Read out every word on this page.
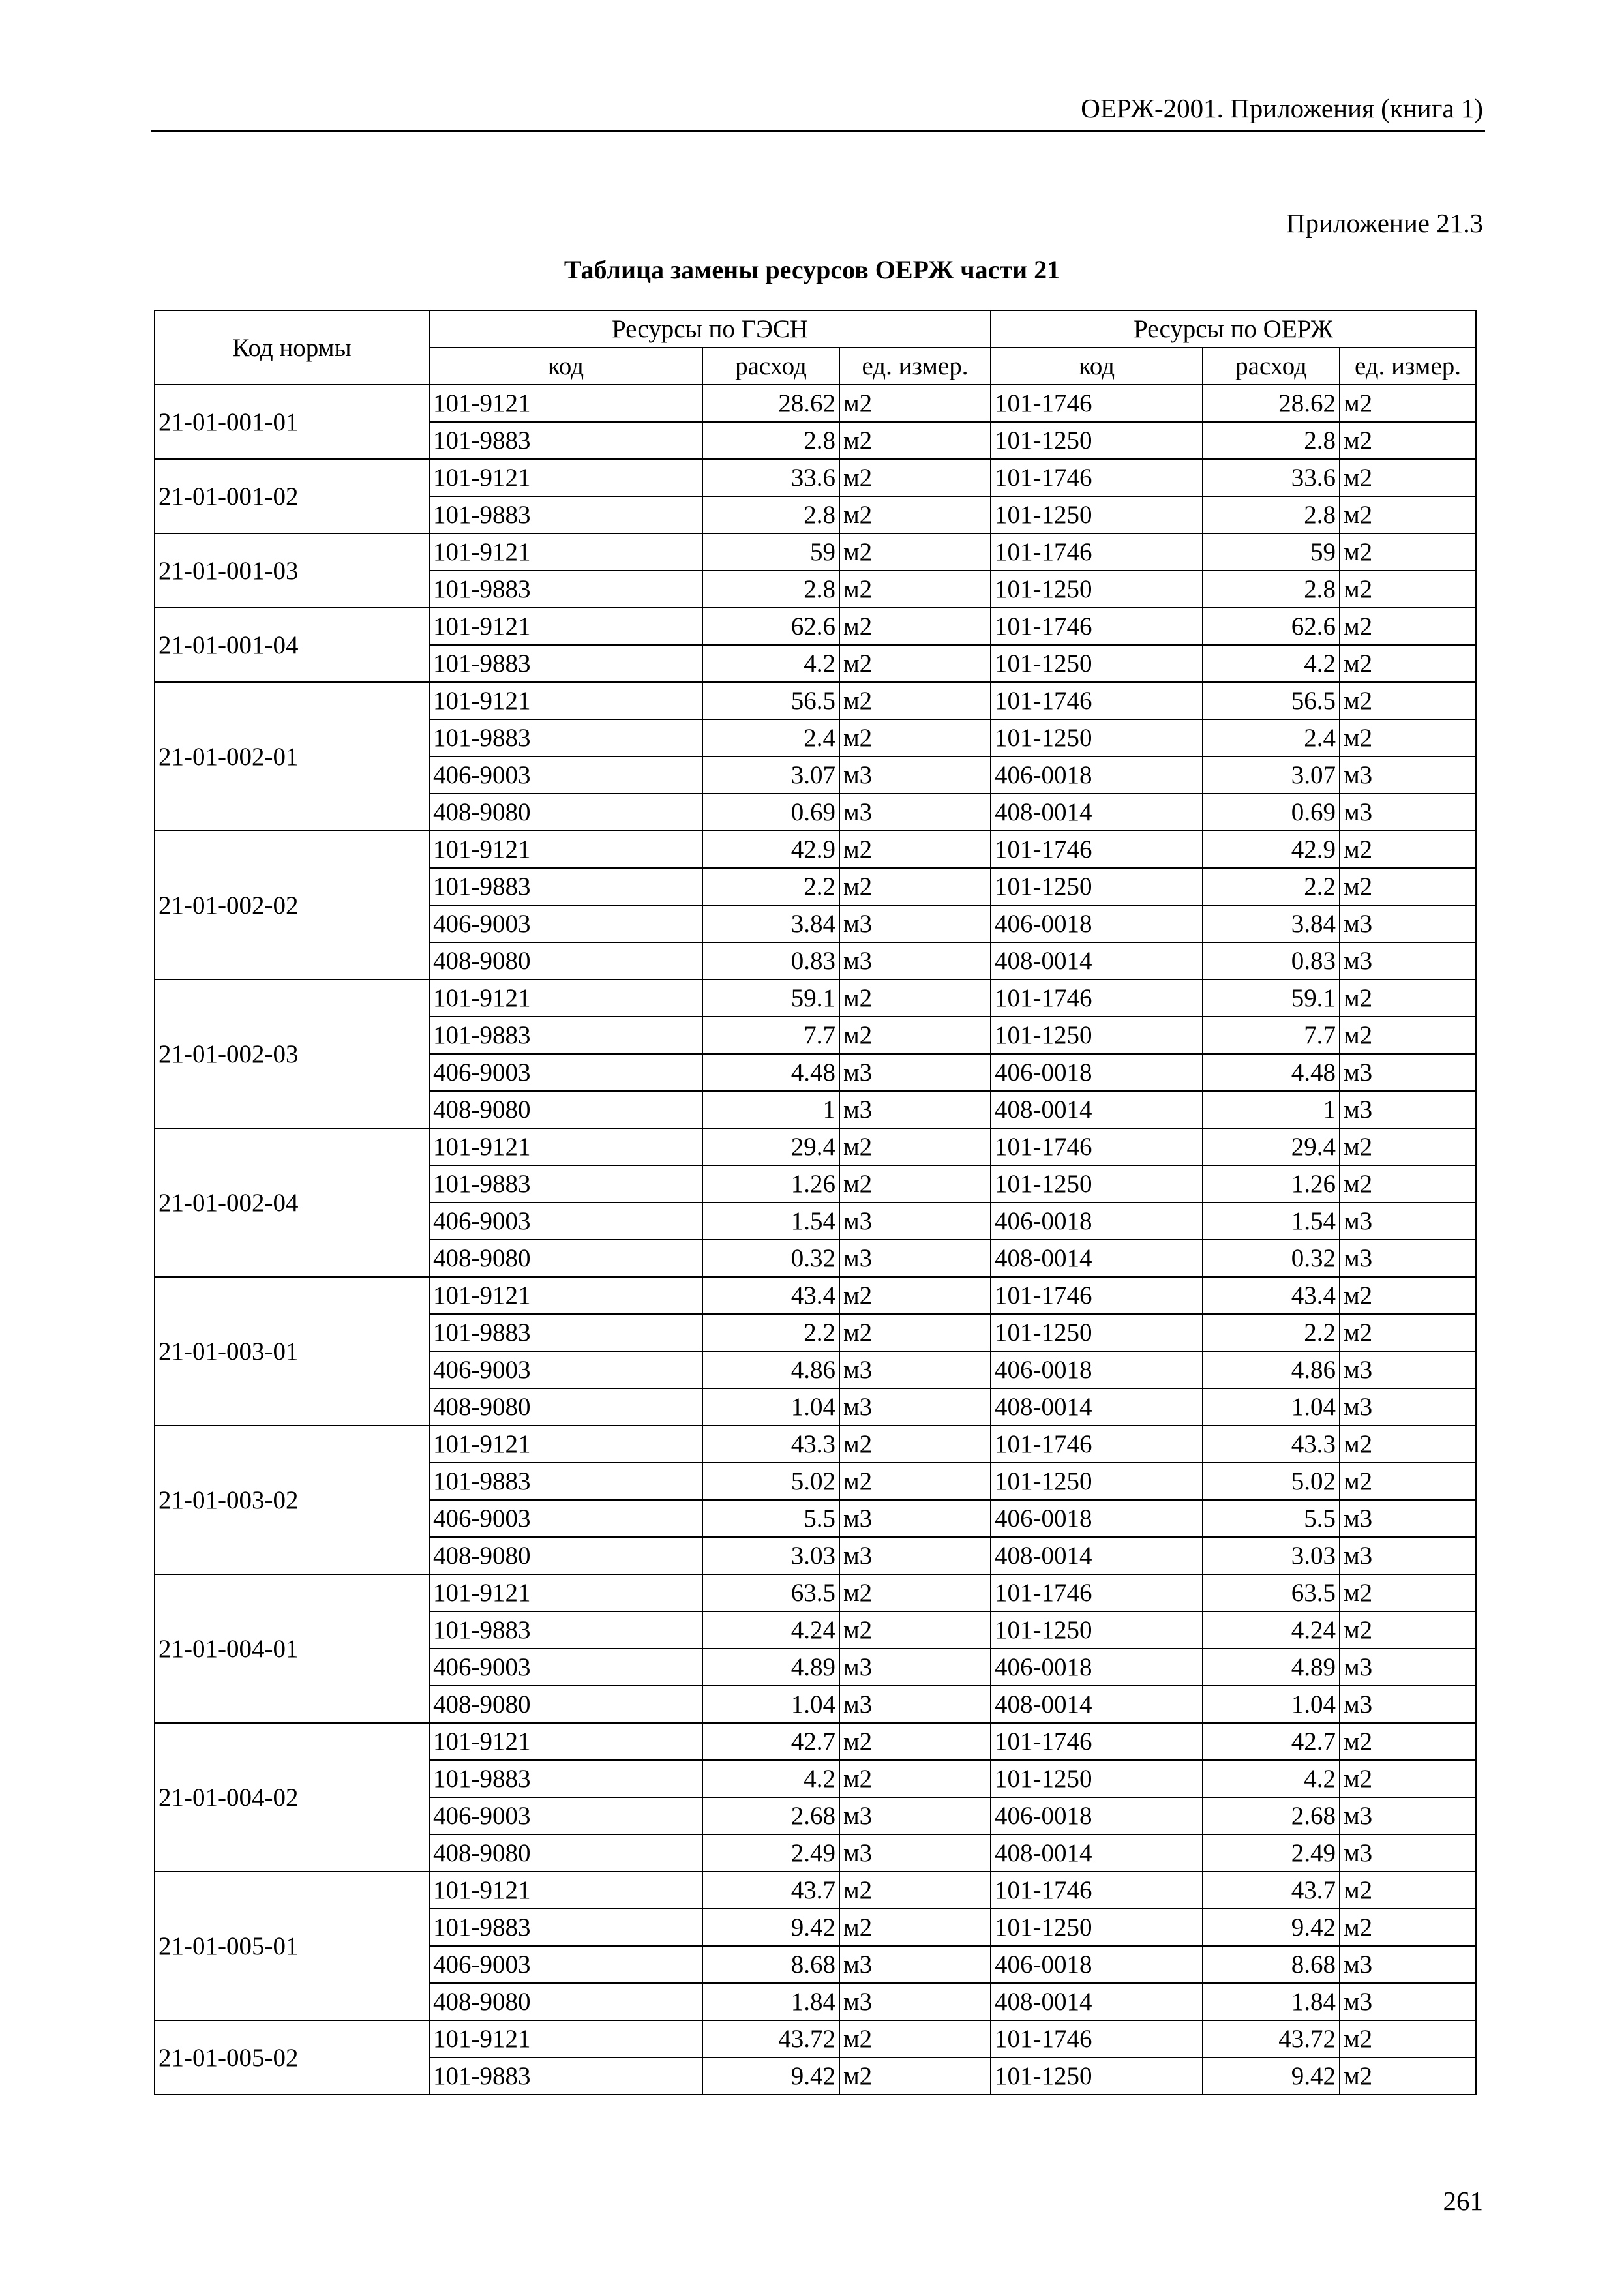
ОЕРЖ-2001. Приложения (книга 1)
Приложение 21.3
Таблица замены ресурсов ОЕРЖ части 21
Код нормы	Ресурсы по ГЭСН			Ресурсы по ОЕРЖ		
	код	расход	ед. измер.	код	расход	ед. измер.
21-01-001-01	101-9121	28.62	м2	101-1746	28.62	м2
	101-9883	2.8	м2	101-1250	2.8	м2
21-01-001-02	101-9121	33.6	м2	101-1746	33.6	м2
	101-9883	2.8	м2	101-1250	2.8	м2
21-01-001-03	101-9121	59	м2	101-1746	59	м2
	101-9883	2.8	м2	101-1250	2.8	м2
21-01-001-04	101-9121	62.6	м2	101-1746	62.6	м2
	101-9883	4.2	м2	101-1250	4.2	м2
21-01-002-01	101-9121	56.5	м2	101-1746	56.5	м2
	101-9883	2.4	м2	101-1250	2.4	м2
	406-9003	3.07	м3	406-0018	3.07	м3
	408-9080	0.69	м3	408-0014	0.69	м3
21-01-002-02	101-9121	42.9	м2	101-1746	42.9	м2
	101-9883	2.2	м2	101-1250	2.2	м2
	406-9003	3.84	м3	406-0018	3.84	м3
	408-9080	0.83	м3	408-0014	0.83	м3
21-01-002-03	101-9121	59.1	м2	101-1746	59.1	м2
	101-9883	7.7	м2	101-1250	7.7	м2
	406-9003	4.48	м3	406-0018	4.48	м3
	408-9080	1	м3	408-0014	1	м3
21-01-002-04	101-9121	29.4	м2	101-1746	29.4	м2
	101-9883	1.26	м2	101-1250	1.26	м2
	406-9003	1.54	м3	406-0018	1.54	м3
	408-9080	0.32	м3	408-0014	0.32	м3
21-01-003-01	101-9121	43.4	м2	101-1746	43.4	м2
	101-9883	2.2	м2	101-1250	2.2	м2
	406-9003	4.86	м3	406-0018	4.86	м3
	408-9080	1.04	м3	408-0014	1.04	м3
21-01-003-02	101-9121	43.3	м2	101-1746	43.3	м2
	101-9883	5.02	м2	101-1250	5.02	м2
	406-9003	5.5	м3	406-0018	5.5	м3
	408-9080	3.03	м3	408-0014	3.03	м3
21-01-004-01	101-9121	63.5	м2	101-1746	63.5	м2
	101-9883	4.24	м2	101-1250	4.24	м2
	406-9003	4.89	м3	406-0018	4.89	м3
	408-9080	1.04	м3	408-0014	1.04	м3
21-01-004-02	101-9121	42.7	м2	101-1746	42.7	м2
	101-9883	4.2	м2	101-1250	4.2	м2
	406-9003	2.68	м3	406-0018	2.68	м3
	408-9080	2.49	м3	408-0014	2.49	м3
21-01-005-01	101-9121	43.7	м2	101-1746	43.7	м2
	101-9883	9.42	м2	101-1250	9.42	м2
	406-9003	8.68	м3	406-0018	8.68	м3
	408-9080	1.84	м3	408-0014	1.84	м3
21-01-005-02	101-9121	43.72	м2	101-1746	43.72	м2
	101-9883	9.42	м2	101-1250	9.42	м2
261
